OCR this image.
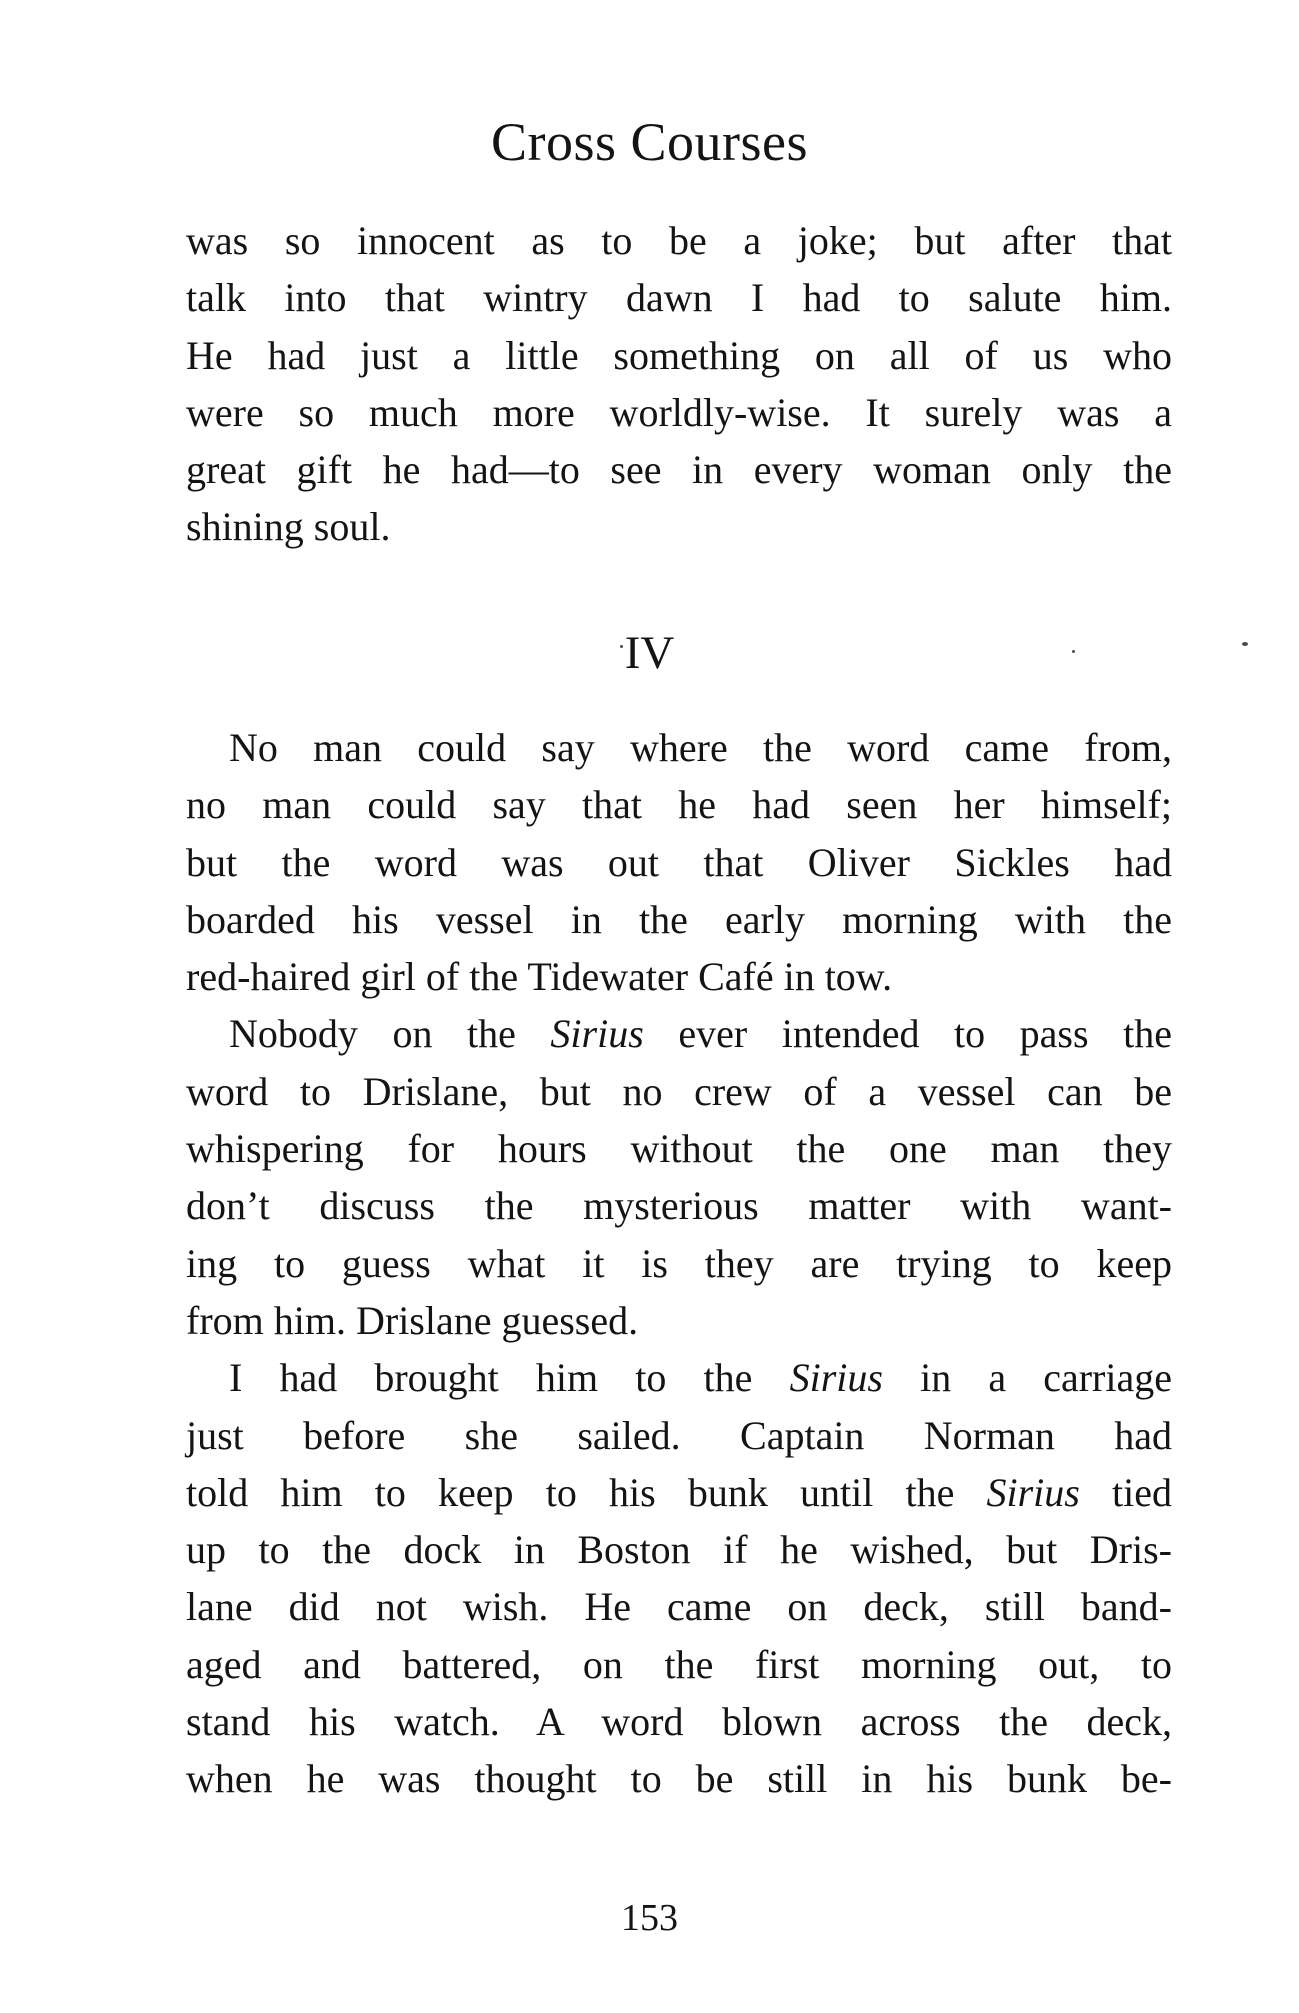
Cross Courses
was so innocent as to be a joke; but after that
talk into that wintry dawn I had to salute him.
He had just a little something on all of us who
were so much more worldly-wise. It surely was a
great gift he had—to see in every woman only the
shining soul.
IV
No man could say where the word came from,
no man could say that he had seen her himself;
but the word was out that Oliver Sickles had
boarded his vessel in the early morning with the
red-haired girl of the Tidewater Café in tow.
Nobody on the Sirius ever intended to pass the
word to Drislane, but no crew of a vessel can be
whispering for hours without the one man they
don’t discuss the mysterious matter with want-
ing to guess what it is they are trying to keep
from him. Drislane guessed.
I had brought him to the Sirius in a carriage
just before she sailed. Captain Norman had
told him to keep to his bunk until the Sirius tied
up to the dock in Boston if he wished, but Dris-
lane did not wish. He came on deck, still band-
aged and battered, on the first morning out, to
stand his watch. A word blown across the deck,
when he was thought to be still in his bunk be-
153
